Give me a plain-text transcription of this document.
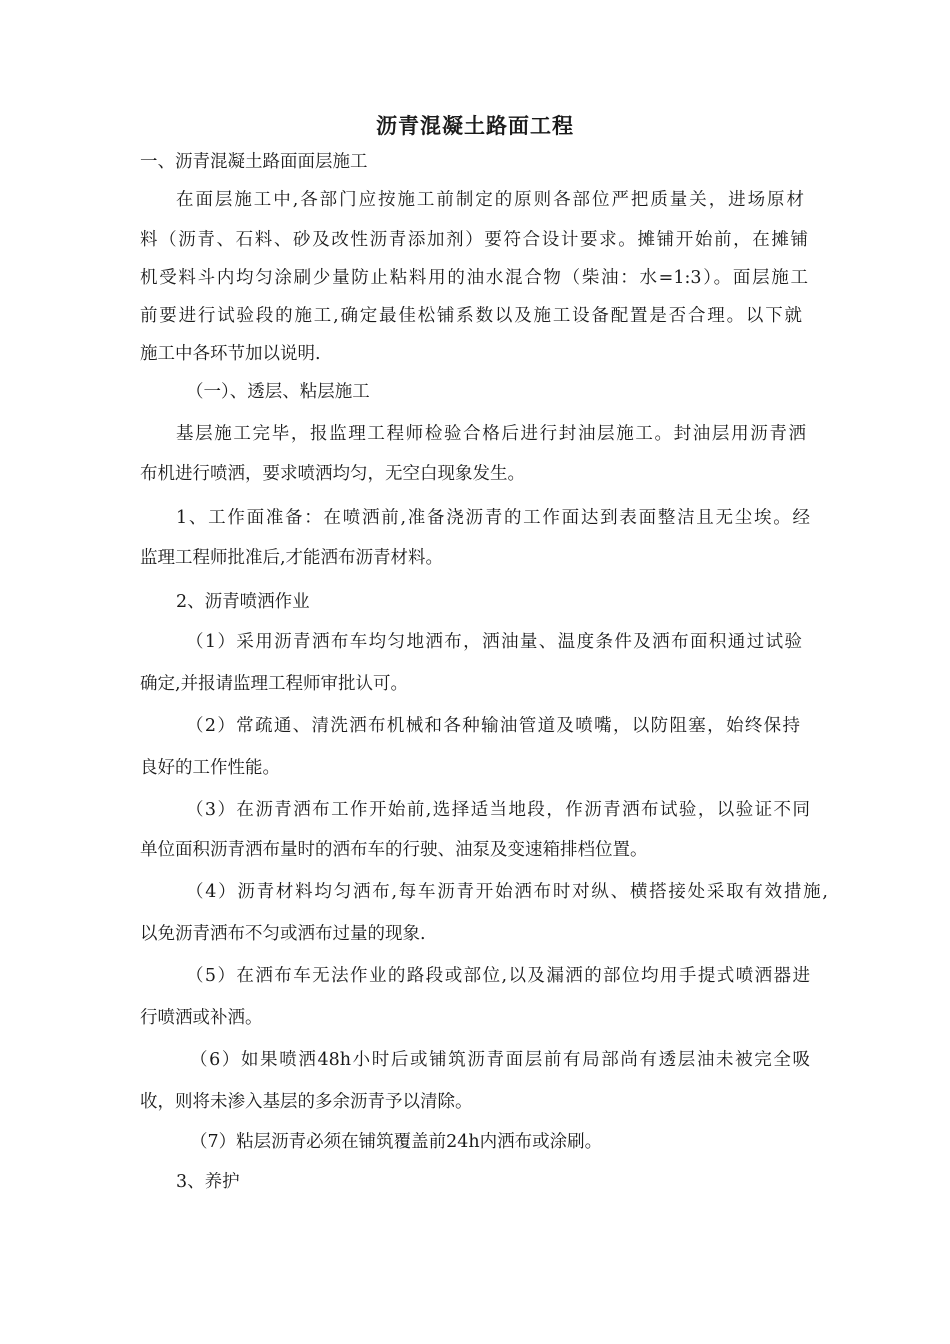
沥青混凝土路面工程
一、沥青混凝土路面面层施工
在面层施工中,各部门应按施工前制定的原则各部位严把质量关，进场原材
料（沥青、石料、砂及改性沥青添加剂）要符合设计要求。摊铺开始前，在摊铺
机受料斗内均匀涂刷少量防止粘料用的油水混合物（柴油：水=1:3）。面层施工
前要进行试验段的施工,确定最佳松铺系数以及施工设备配置是否合理。以下就
施工中各环节加以说明.
（一）、透层、粘层施工
基层施工完毕，报监理工程师检验合格后进行封油层施工。封油层用沥青洒
布机进行喷洒，要求喷洒均匀，无空白现象发生。
1、工作面准备：在喷洒前,准备浇沥青的工作面达到表面整洁且无尘埃。经
监理工程师批准后,才能洒布沥青材料。
2、沥青喷洒作业
（1）采用沥青洒布车均匀地洒布，洒油量、温度条件及洒布面积通过试验
确定,并报请监理工程师审批认可。
（2）常疏通、清洗洒布机械和各种输油管道及喷嘴，以防阻塞，始终保持
良好的工作性能。
（3）在沥青洒布工作开始前,选择适当地段，作沥青洒布试验，以验证不同
单位面积沥青洒布量时的洒布车的行驶、油泵及变速箱排档位置。
（4）沥青材料均匀洒布,每车沥青开始洒布时对纵、横搭接处采取有效措施,
以免沥青洒布不匀或洒布过量的现象.
（5）在洒布车无法作业的路段或部位,以及漏洒的部位均用手提式喷洒器进
行喷洒或补洒。
（6）如果喷洒48h小时后或铺筑沥青面层前有局部尚有透层油未被完全吸
收，则将未渗入基层的多余沥青予以清除。
（7）粘层沥青必须在铺筑覆盖前24h内洒布或涂刷。
3、养护
